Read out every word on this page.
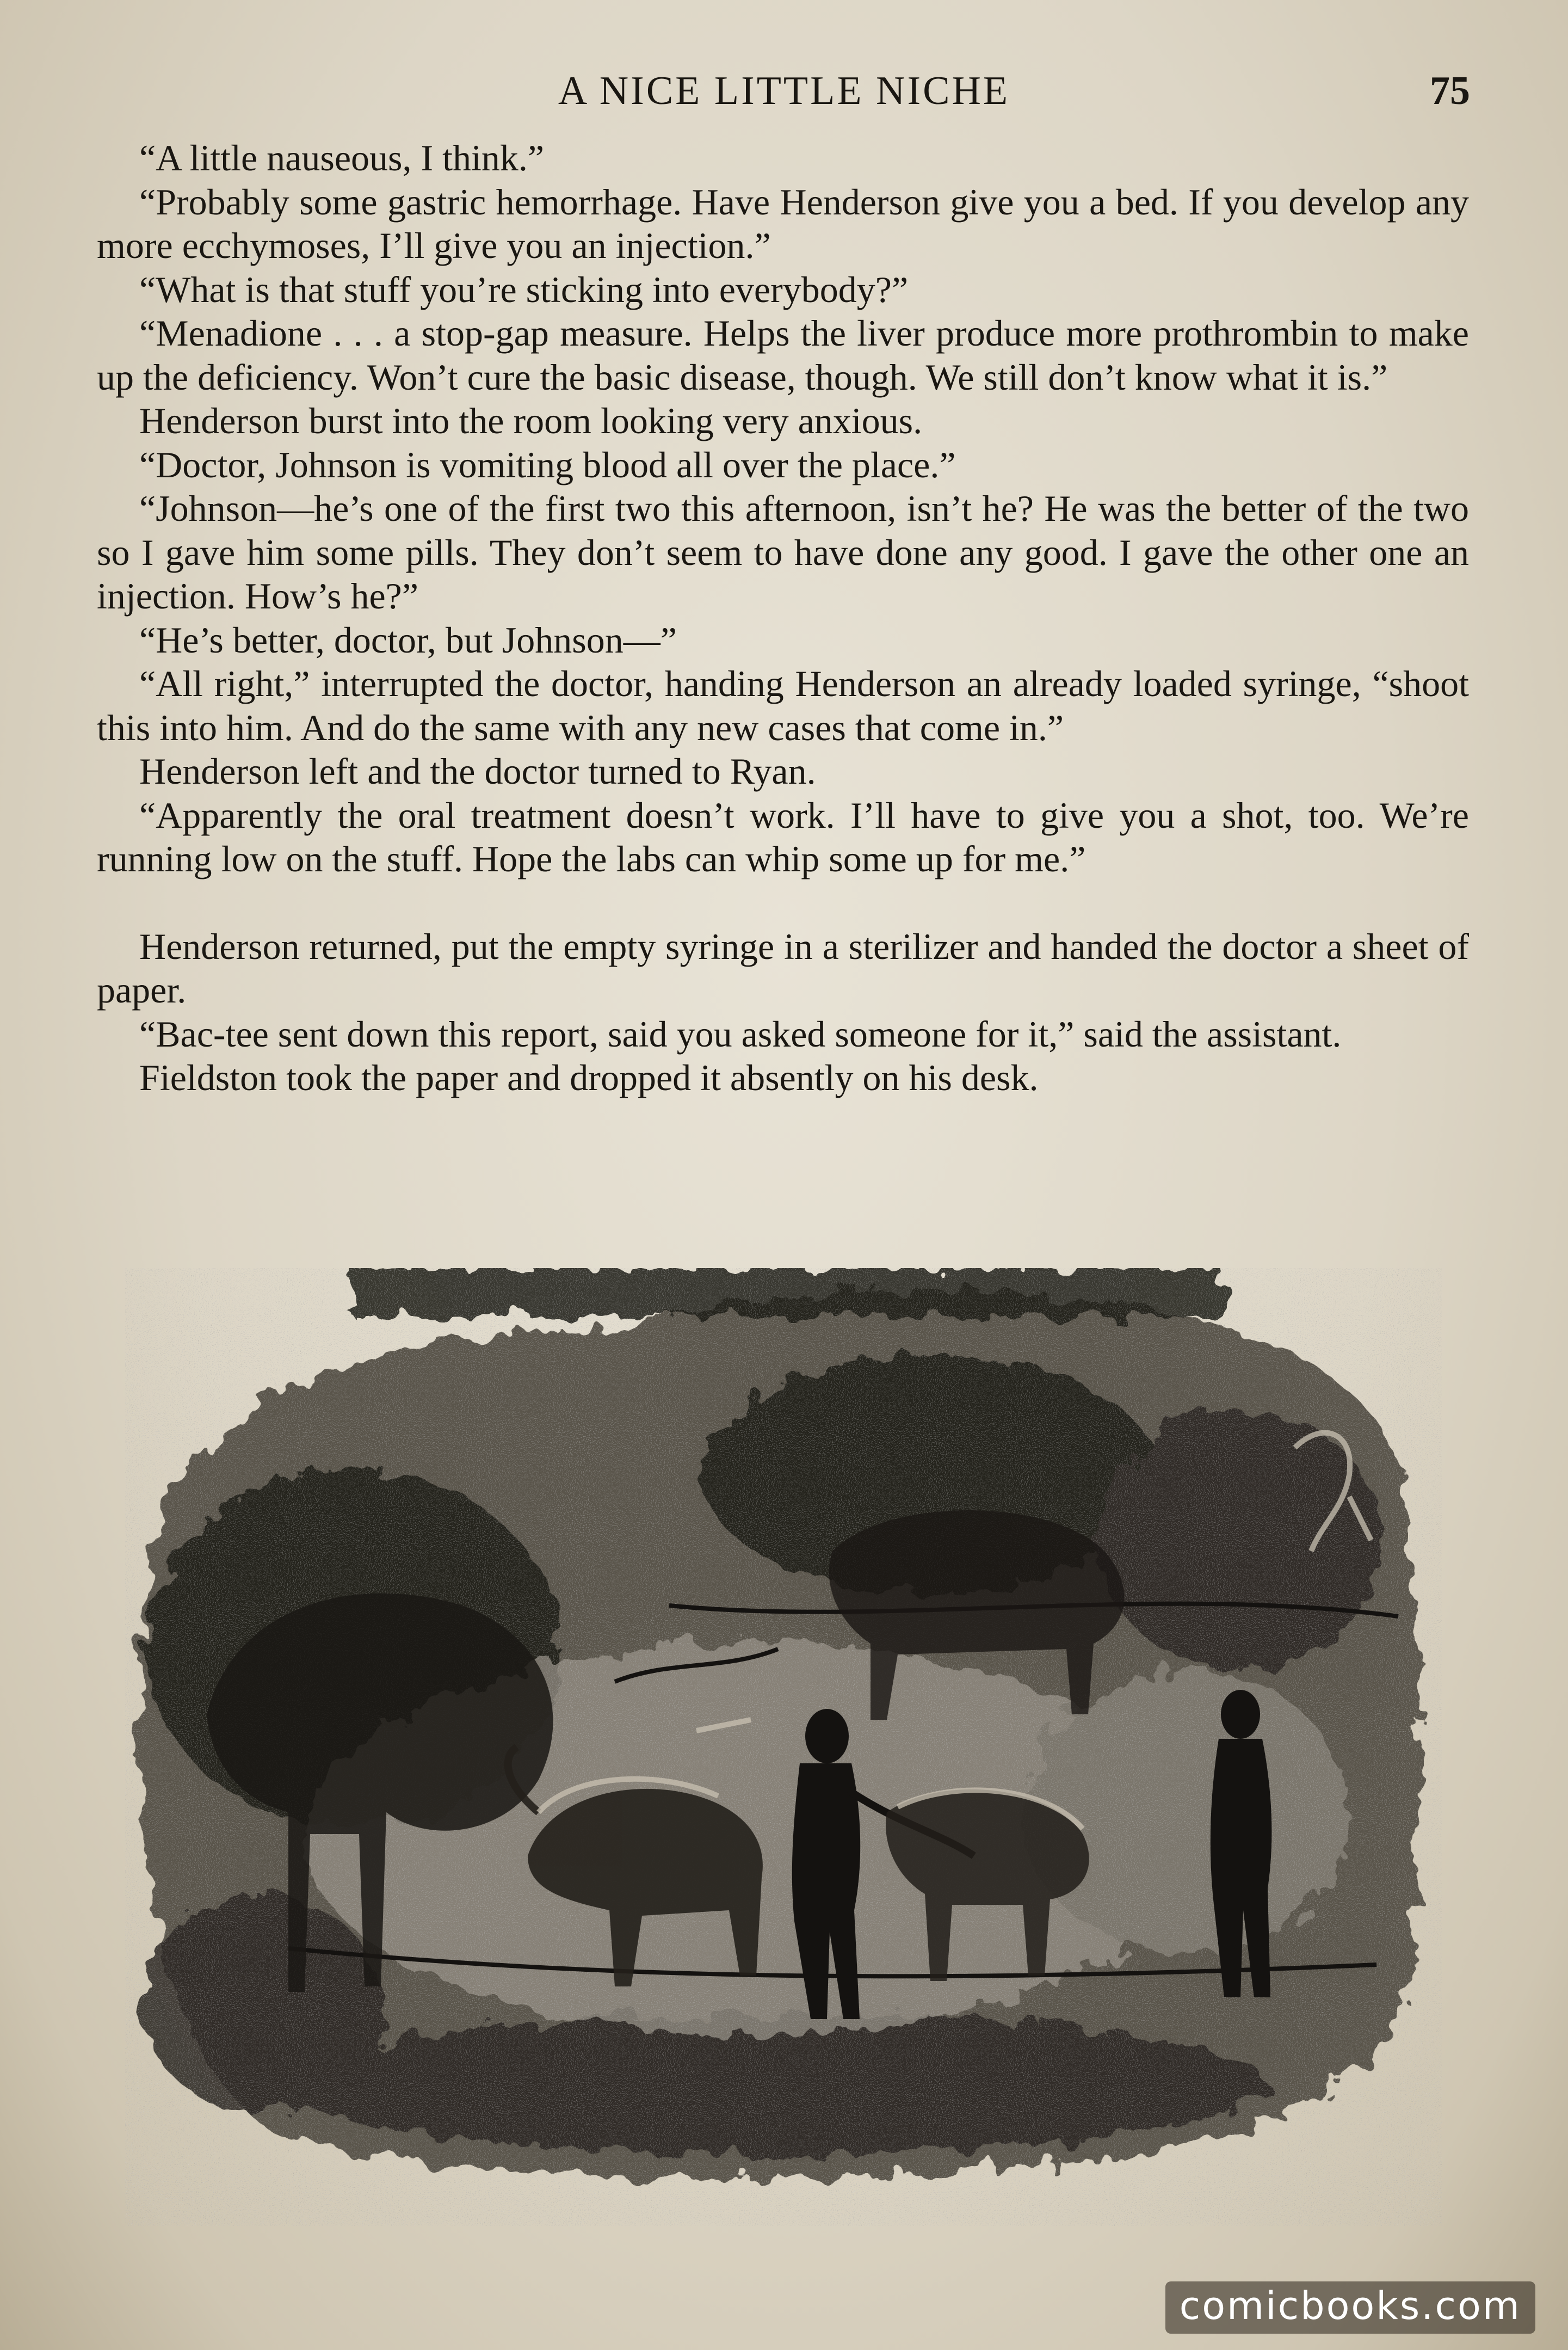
A NICE LITTLE NICHE	75

“A little nauseous, I think.”

“Probably some gastric hemorrhage. Have Henderson give you a bed. If you develop any more ecchymoses, I’ll give you an injection.”

“What is that stuff you’re sticking into everybody?”

“Menadione . . . a stop-gap measure. Helps the liver produce more prothrombin to make up the deficiency. Won’t cure the basic disease, though. We still don’t know what it is.”

Henderson burst into the room looking very anxious.

“Doctor, Johnson is vomiting blood all over the place.”

“Johnson—he’s one of the first two this afternoon, isn’t he? He was the better of the two so I gave him some pills. They don’t seem to have done any good. I gave the other one an injection. How’s he?”

“He’s better, doctor, but Johnson—”

“All right,” interrupted the doctor, handing Henderson an already loaded syringe, “shoot this into him. And do the same with any new cases that come in.”

Henderson left and the doctor turned to Ryan.

“Apparently the oral treatment doesn’t work. I’ll have to give you a shot, too. We’re running low on the stuff. Hope the labs can whip some up for me.”

Henderson returned, put the empty syringe in a sterilizer and handed the doctor a sheet of paper.

“Bac-tee sent down this report, said you asked someone for it,” said the assistant.

Fieldston took the paper and dropped it absently on his desk.

comicbooks.com
